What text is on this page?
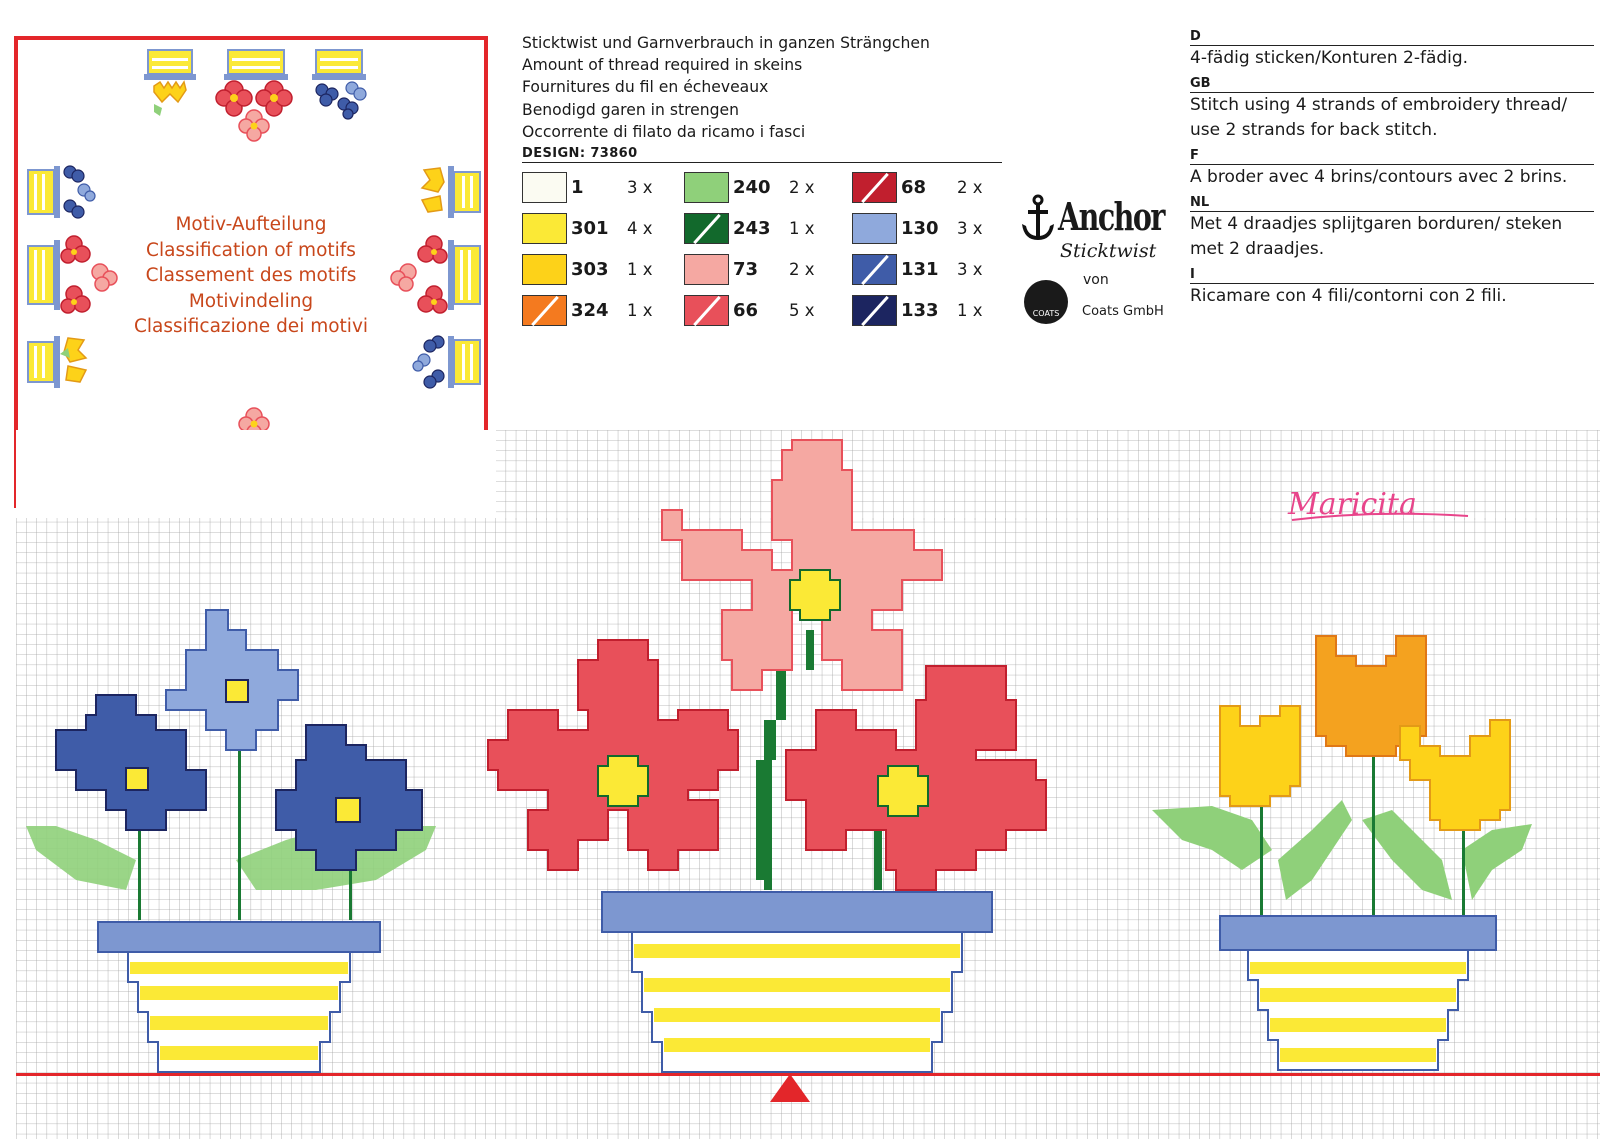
Motiv-Aufteilung
Classification of motifs
Classement des motifs
Motivindeling
Classificazione dei motivi
Sticktwist und Garnverbrauch in ganzen Strängchen
Amount of thread required in skeins
Fournitures du fil en écheveaux
Benodigd garen in strengen
Occorrente di filato da ricamo i fasci
DESIGN: 73860
1	3 x
301	4 x
303	1 x
324	1 x
240	2 x
243	1 x
73	2 x
66	5 x
68	2 x
130	3 x
131	3 x
133	1 x
Anchor
Sticktwist
von
COATS Coats GmbH
D
4-fädig sticken/Konturen 2-fädig.
GB
Stitch using 4 strands of embroidery thread/ use 2 strands for back stitch.
F
A broder avec 4 brins/contours avec 2 brins.
NL
Met 4 draadjes splijtgaren borduren/ steken met 2 draadjes.
I
Ricamare con 4 fili/contorni con 2 fili.
Maricita
